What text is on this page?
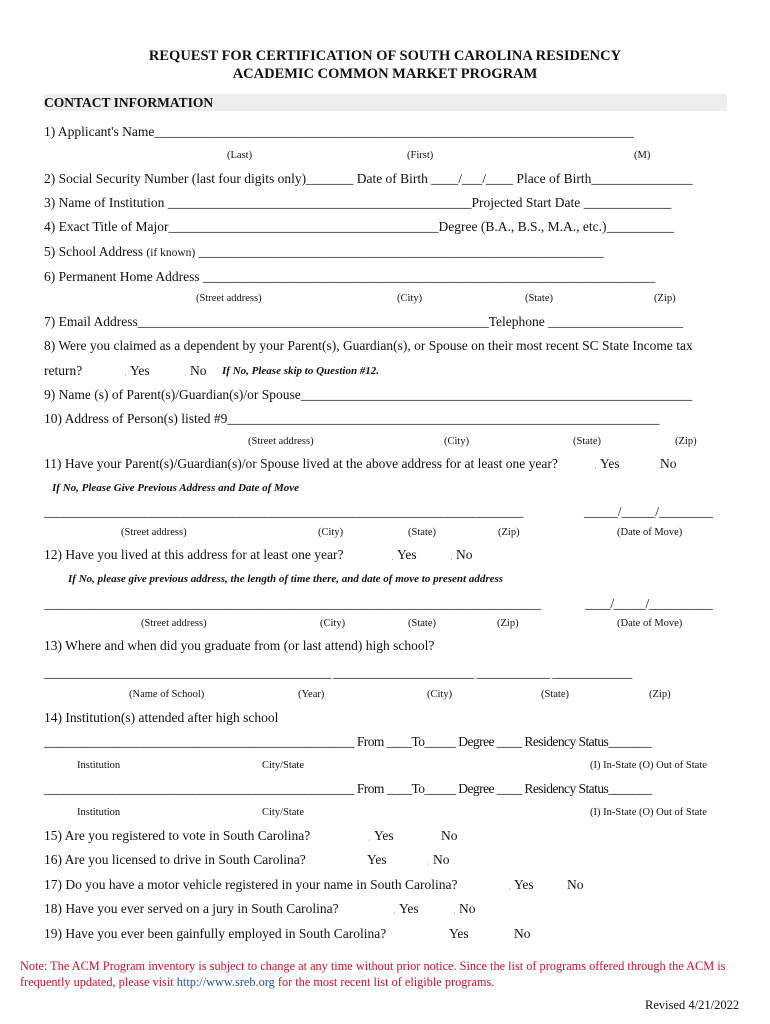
REQUEST FOR CERTIFICATION OF SOUTH CAROLINA RESIDENCY
ACADEMIC COMMON MARKET PROGRAM
CONTACT INFORMATION
1) Applicant's Name_______________________________________________________________________
(Last)	(First)	(M)
2) Social Security Number (last four digits only)_______ Date of Birth ____/___/____ Place of Birth_______________
3) Name of Institution _____________________________________________Projected Start Date _____________
4) Exact Title of Major________________________________________Degree (B.A., B.S., M.A., etc.)__________
5) School Address (if known) ____________________________________________________________
6) Permanent Home Address ___________________________________________________________________
(Street address)	(City)	(State)	(Zip)
7) Email Address____________________________________________________Telephone ____________________
8) Were you claimed as a dependent by your Parent(s), Guardian(s), or Spouse on their most recent SC State Income tax
return?	ˌ Yes	ˌ No If No, Please skip to Question #12.
9) Name (s) of Parent(s)/Guardian(s)/or Spouse__________________________________________________________
10) Address of Person(s) listed #9________________________________________________________________
(Street address)	(City)	(State)	(Zip)
11) Have your Parent(s)/Guardian(s)/or Spouse lived at the above address for at least one year?	ˌ Yes	No
If No, Please Give Previous Address and Date of Move
____________________________________________________________________________	_____/_____/________
(Street address)	(City)	(State)	(Zip)	(Date of Move)
12) Have you lived at this address for at least one year?	ˌ Yes	ˌ No
If No, please give previous address, the length of time there, and date of move to present address
_____________________________________________________________________________	____/_____/__________
(Street address)	(City)	(State)	(Zip)	(Date of Move)
13) Where and when did you graduate from (or last attend) high school?
_______________________________________________ _______________________ ____________ _____________
(Name of School)	(Year)	(City)	(State)	(Zip)
14) Institution(s) attended after high school
__________________________________________________ From ____To_____ Degree ____ Residency Status_______
Institution	City/State	(I) In-State (O) Out of State
__________________________________________________ From ____To_____ Degree ____ Residency Status_______
Institution	City/State	(I) In-State (O) Out of State
15) Are you registered to vote in South Carolina?	ˌ Yes	No
16) Are you licensed to drive in South Carolina?	Yes	ˌ No
17) Do you have a motor vehicle registered in your name in South Carolina?	ˌ Yes No
18) Have you ever served on a jury in South Carolina?	ˌ Yes	ˌ No
19) Have you ever been gainfully employed in South Carolina?	Yes	No
Note: The ACM Program inventory is subject to change at any time without prior notice. Since the list of programs offered through the ACM is
frequently updated, please visit http://www.sreb.org for the most recent list of eligible programs.
Revised 4/21/2022
